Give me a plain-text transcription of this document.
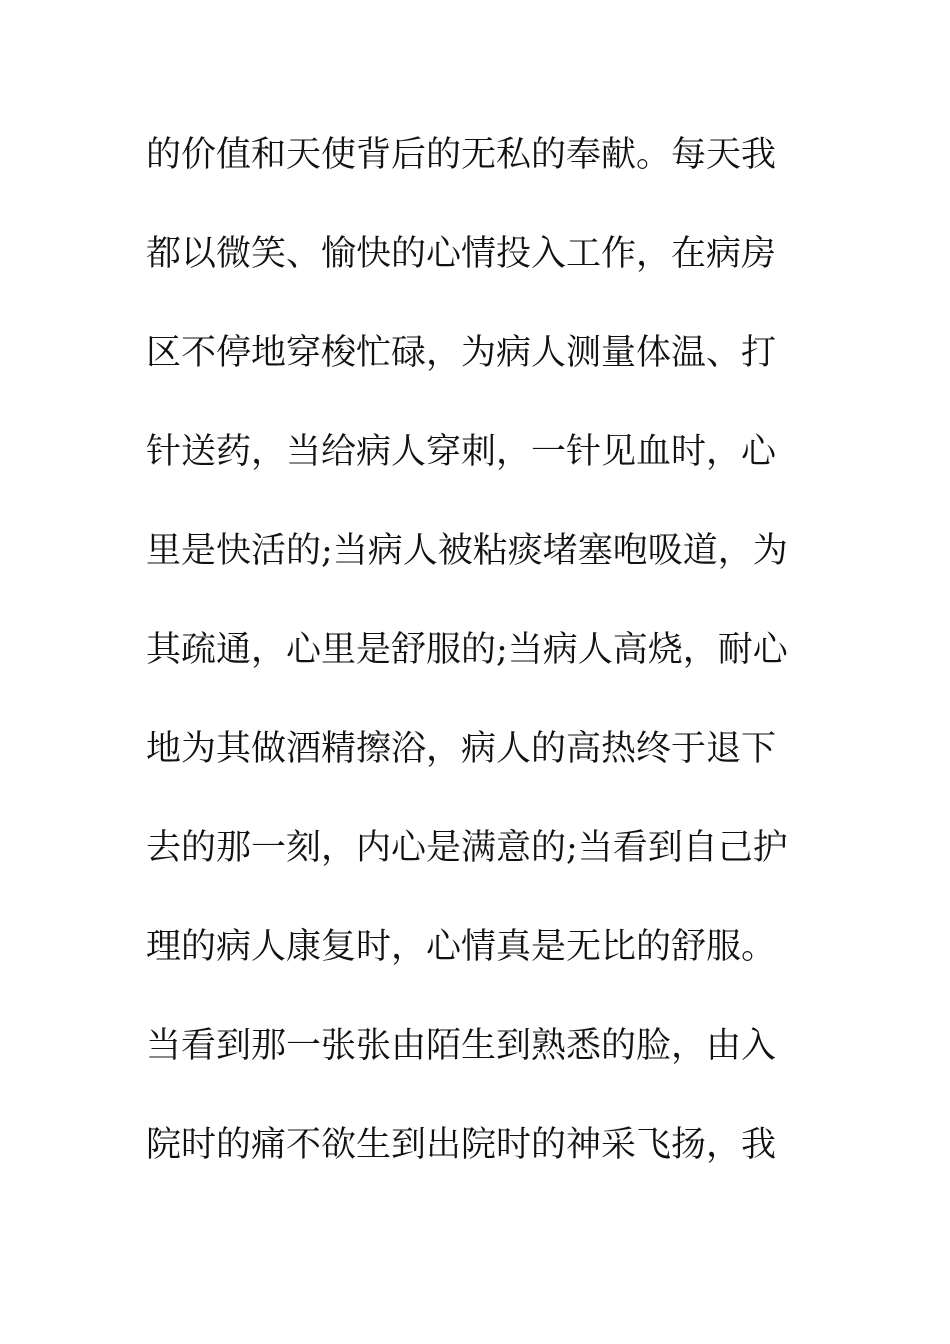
的价值和天使背后的无私的奉献。每天我
都以微笑、愉快的心情投入工作，在病房
区不停地穿梭忙碌，为病人测量体温、打
针送药，当给病人穿刺，一针见血时，心
里是快活的;当病人被粘痰堵塞咆吸道，为
其疏通，心里是舒服的;当病人高烧，耐心
地为其做酒精擦浴，病人的高热终于退下
去的那一刻，内心是满意的;当看到自己护
理的病人康复时，心情真是无比的舒服。
当看到那一张张由陌生到熟悉的脸，由入
院时的痛不欲生到出院时的神采飞扬，我
